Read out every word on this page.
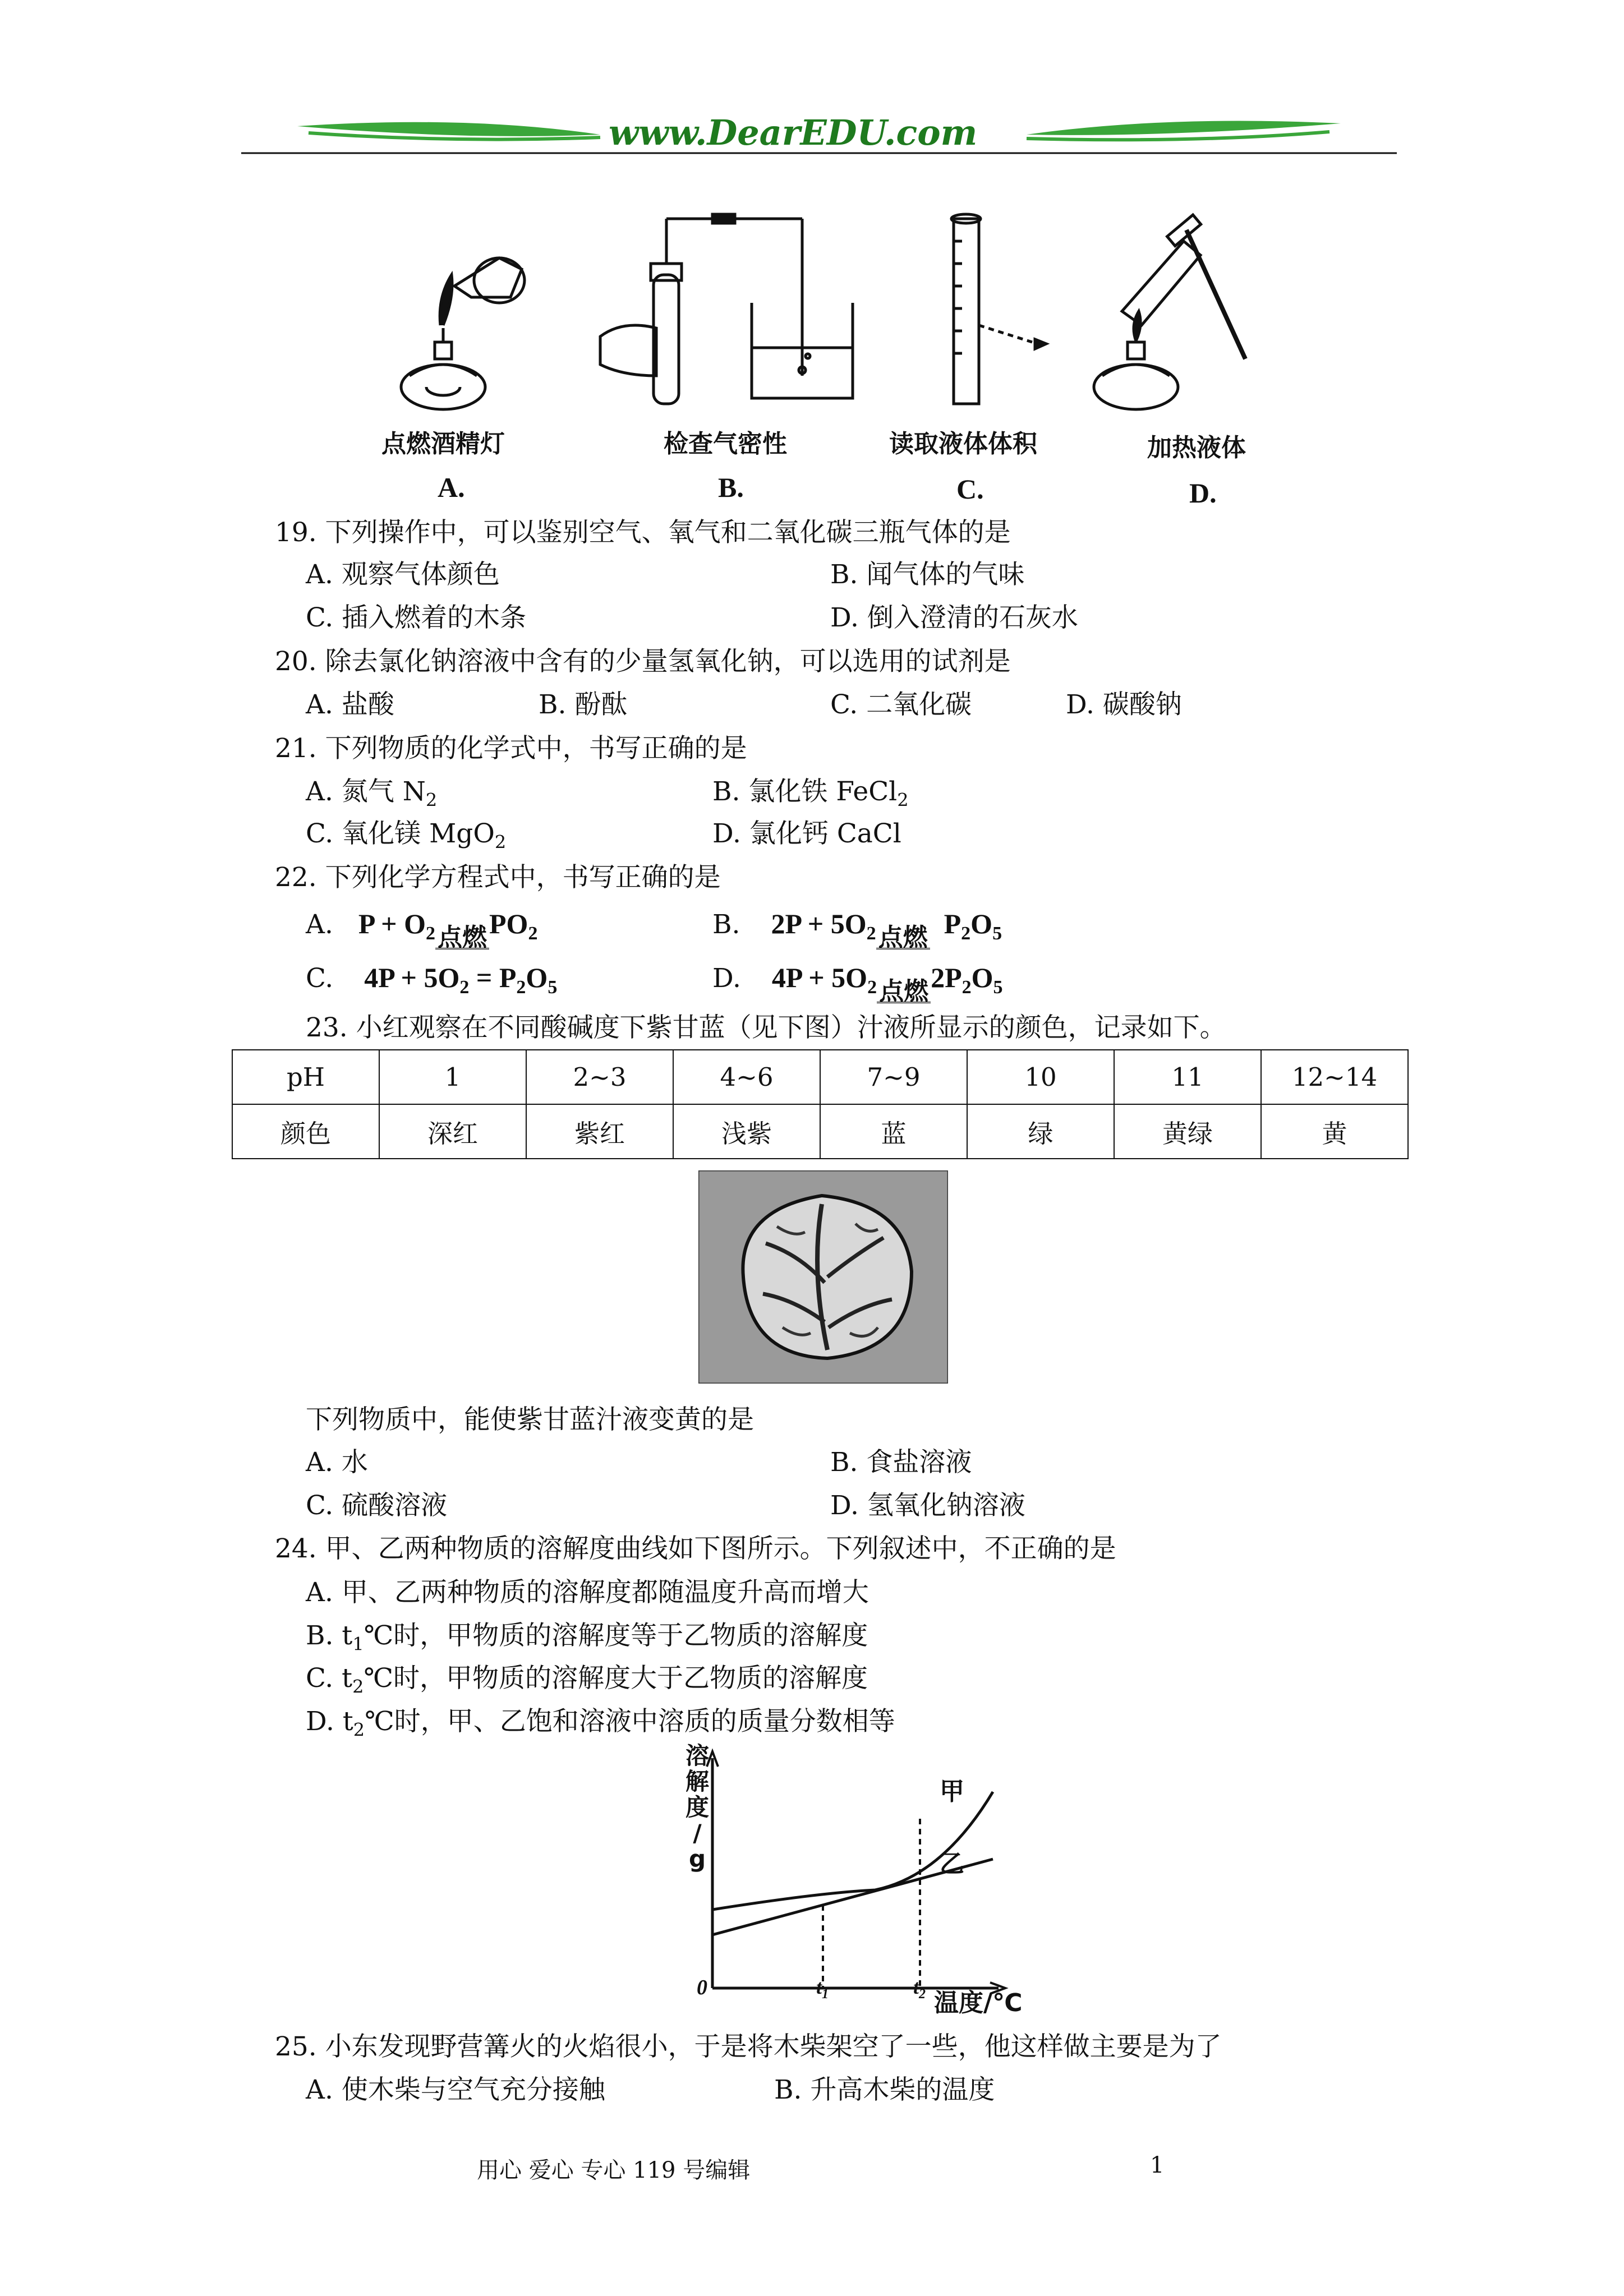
www.DearEDU.com
点燃酒精灯	检查气密性	读取液体体积	加热液体
A.	B.	C.	D.
19. 下列操作中，可以鉴别空气、氧气和二氧化碳三瓶气体的是
A. 观察气体颜色	B. 闻气体的气味
C. 插入燃着的木条	D. 倒入澄清的石灰水
20. 除去氯化钠溶液中含有的少量氢氧化钠，可以选用的试剂是
A. 盐酸	B. 酚酞	C. 二氧化碳	D. 碳酸钠
21. 下列物质的化学式中，书写正确的是
A. 氮气 $N_2$	B. 氯化铁 FeCl$_2$
C. 氧化镁 MgO$_2$	D. 氯化钙 CaCl
22. 下列化学方程式中，书写正确的是
A. $P + O_2$点燃$PO_2$	B. $2P + 5O_2$点燃  $P_2O_5$
C. $4P + 5O_2 = P_2O_5$	D. $4P + 5O_2$点燃$2P_2O_5$
23. 小红观察在不同酸碱度下紫甘蓝（见下图）汁液所显示的颜色，记录如下。
pH	1	2~3	4~6	7~9	10	11	12~14
颜色	深红	紫红	浅紫	蓝	绿	黄绿	黄
下列物质中，能使紫甘蓝汁液变黄的是
A. 水	B. 食盐溶液
C. 硫酸溶液	D. 氢氧化钠溶液
24. 甲、乙两种物质的溶解度曲线如下图所示。下列叙述中，不正确的是
A. 甲、乙两种物质的溶解度都随温度升高而增大
B. $t_1℃$时，甲物质的溶解度等于乙物质的溶解度
C. $t_2℃$时，甲物质的溶解度大于乙物质的溶解度
D. $t_2℃$时，甲、乙饱和溶液中溶质的质量分数相等
溶
解
度
/
g
甲
乙
0	$t_1$	$t_2$ 温度/℃
25. 小东发现野营篝火的火焰很小，于是将木柴架空了一些，他这样做主要是为了
A. 使木柴与空气充分接触	B. 升高木柴的温度
用心 爱心 专心 119 号编辑	1
